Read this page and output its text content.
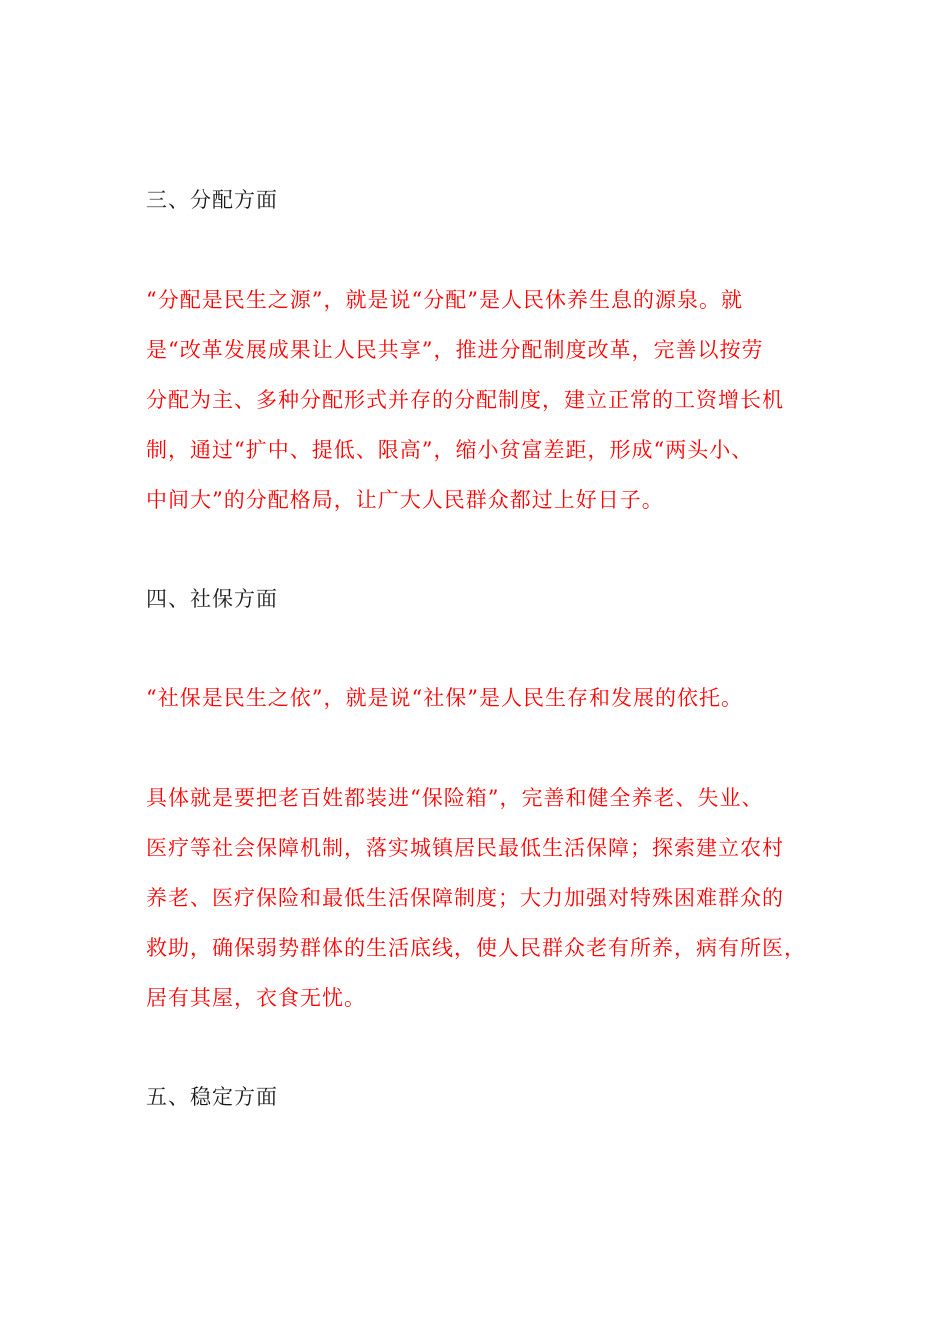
三、分配方面
“分配是民生之源”，就是说“分配”是人民休养生息的源泉。就
是“改革发展成果让人民共享”，推进分配制度改革，完善以按劳
分配为主、多种分配形式并存的分配制度，建立正常的工资增长机
制，通过“扩中、提低、限高”，缩小贫富差距，形成“两头小、
中间大”的分配格局，让广大人民群众都过上好日子。
四、社保方面
“社保是民生之依”，就是说“社保”是人民生存和发展的依托。
具体就是要把老百姓都装进“保险箱”，完善和健全养老、失业、
医疗等社会保障机制，落实城镇居民最低生活保障；探索建立农村
养老、医疗保险和最低生活保障制度；大力加强对特殊困难群众的
救助，确保弱势群体的生活底线，使人民群众老有所养，病有所医，
居有其屋，衣食无忧。
五、稳定方面
